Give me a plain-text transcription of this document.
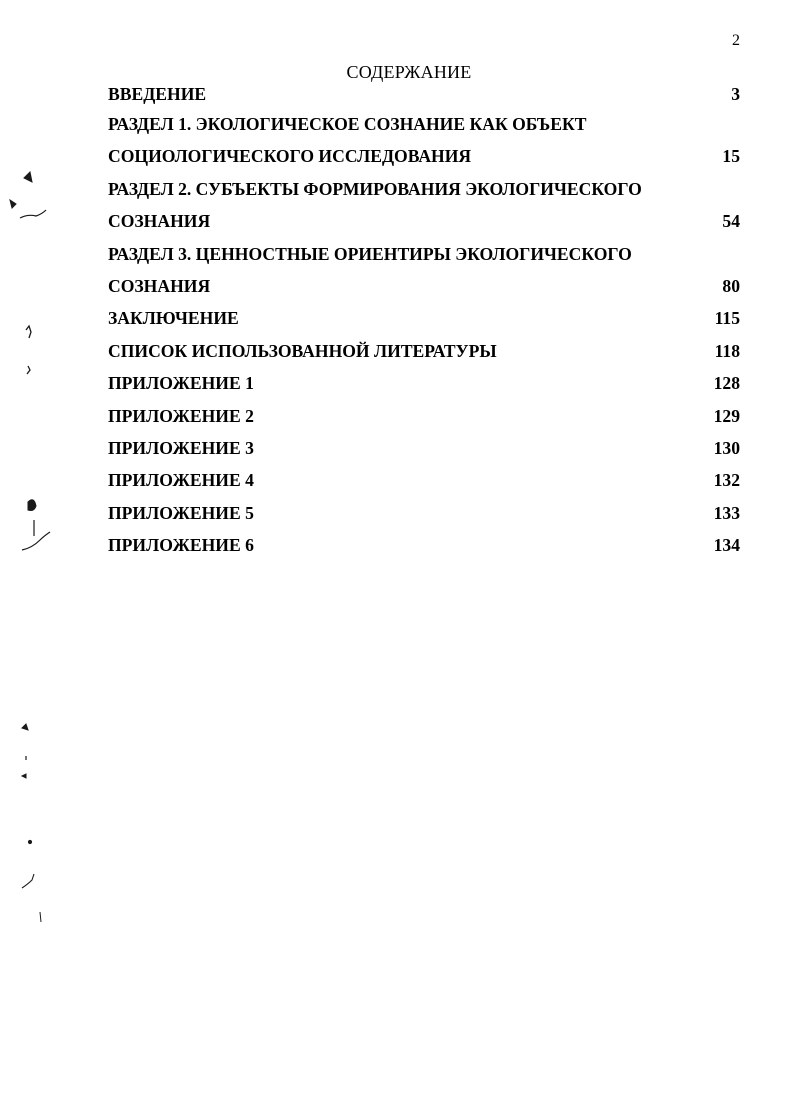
2
СОДЕРЖАНИЕ
ВВЕДЕНИЕ	3
РАЗДЕЛ 1. ЭКОЛОГИЧЕСКОЕ СОЗНАНИЕ КАК ОБЪЕКТ
СОЦИОЛОГИЧЕСКОГО ИССЛЕДОВАНИЯ	15
РАЗДЕЛ 2. СУБЪЕКТЫ ФОРМИРОВАНИЯ ЭКОЛОГИЧЕСКОГО
СОЗНАНИЯ	54
РАЗДЕЛ 3. ЦЕННОСТНЫЕ ОРИЕНТИРЫ ЭКОЛОГИЧЕСКОГО
СОЗНАНИЯ	80
ЗАКЛЮЧЕНИЕ	115
СПИСОК ИСПОЛЬЗОВАННОЙ ЛИТЕРАТУРЫ	118
ПРИЛОЖЕНИЕ 1	128
ПРИЛОЖЕНИЕ 2	129
ПРИЛОЖЕНИЕ 3	130
ПРИЛОЖЕНИЕ 4	132
ПРИЛОЖЕНИЕ 5	133
ПРИЛОЖЕНИЕ 6	134
